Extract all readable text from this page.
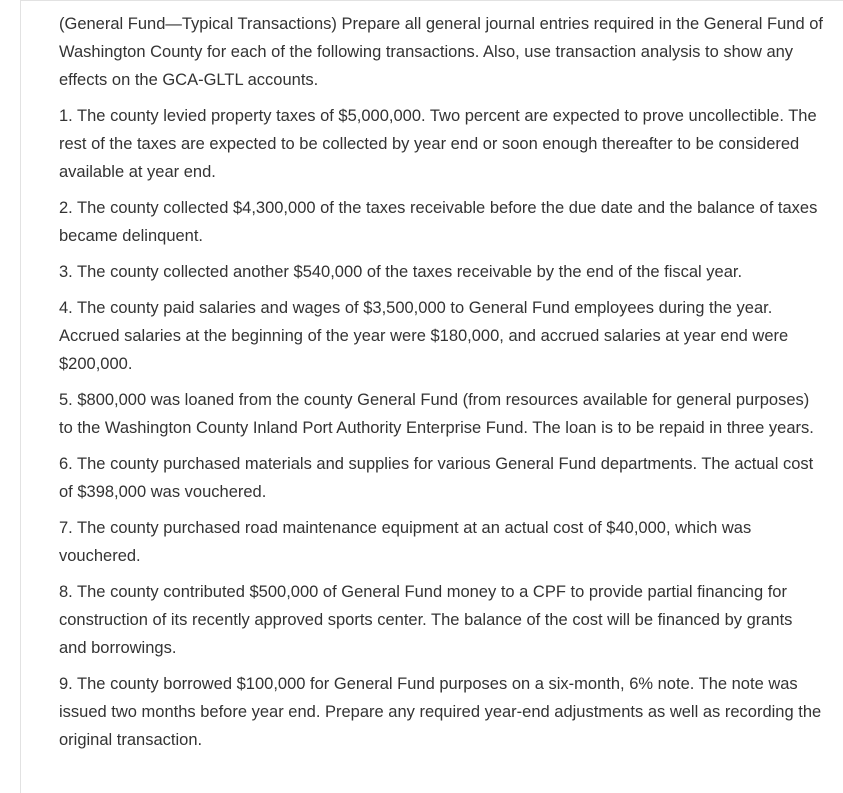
(General Fund—Typical Transactions) Prepare all general journal entries required in the General Fund of Washington County for each of the following transactions. Also, use transaction analysis to show any effects on the GCA-GLTL accounts.

1. The county levied property taxes of $5,000,000. Two percent are expected to prove uncollectible. The rest of the taxes are expected to be collected by year end or soon enough thereafter to be considered available at year end.

2. The county collected $4,300,000 of the taxes receivable before the due date and the balance of taxes became delinquent.

3. The county collected another $540,000 of the taxes receivable by the end of the fiscal year.

4. The county paid salaries and wages of $3,500,000 to General Fund employees during the year. Accrued salaries at the beginning of the year were $180,000, and accrued salaries at year end were $200,000.

5. $800,000 was loaned from the county General Fund (from resources available for general purposes) to the Washington County Inland Port Authority Enterprise Fund. The loan is to be repaid in three years.

6. The county purchased materials and supplies for various General Fund departments. The actual cost of $398,000 was vouchered.

7. The county purchased road maintenance equipment at an actual cost of $40,000, which was vouchered.

8. The county contributed $500,000 of General Fund money to a CPF to provide partial financing for construction of its recently approved sports center. The balance of the cost will be financed by grants and borrowings.

9. The county borrowed $100,000 for General Fund purposes on a six-month, 6% note. The note was issued two months before year end. Prepare any required year-end adjustments as well as recording the original transaction.
